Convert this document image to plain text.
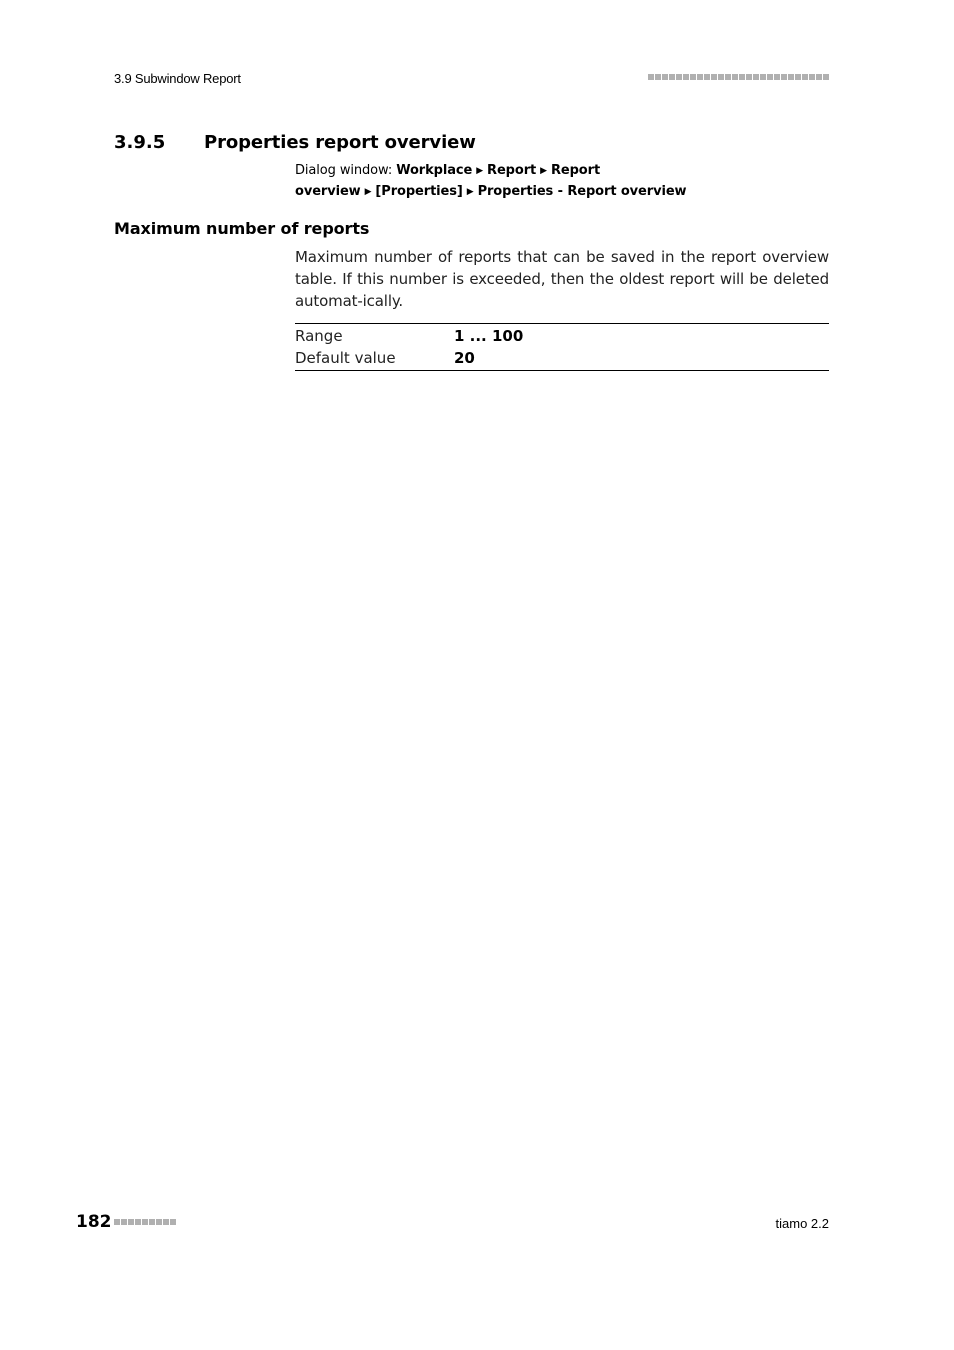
3.9 Subwindow Report
3.9.5 Properties report overview
Dialog window: Workplace ▶ Report ▶ Report overview ▶ [Properties] ▶ Properties - Report overview
Maximum number of reports
Maximum number of reports that can be saved in the report overview table. If this number is exceeded, then the oldest report will be deleted automat-ically.
Range	1 ... 100
Default value	20
182	tiamo 2.2
